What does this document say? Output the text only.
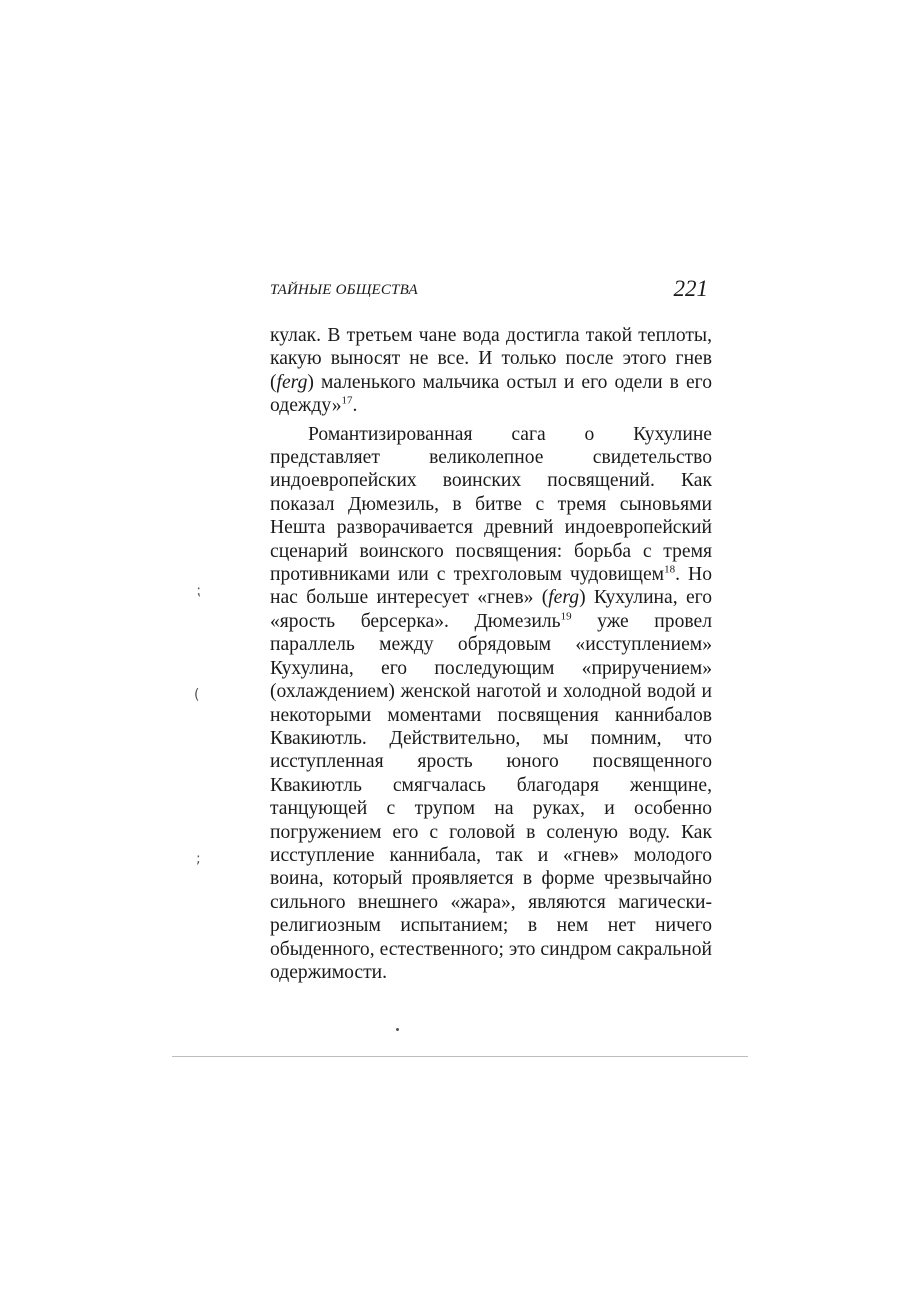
ТАЙНЫЕ ОБЩЕСТВА	221

кулак. В третьем чане вода достигла такой теплоты, какую выносят не все. И только после этого гнев (ferg) маленького мальчика остыл и его одели в его одежду»$^{17}$.

Романтизированная сага о Кухулине представляет великолепное свидетельство индоевропейских воинских посвящений. Как показал Дюмезиль, в битве с тремя сыновьями Нешта разворачивается древний индоевропейский сценарий воинского посвящения: борьба с тремя противниками или с трехголовым чудовищем$^{18}$. Но нас больше интересует «гнев» (ferg) Кухулина, его «ярость берсерка». Дюмезиль$^{19}$ уже провел параллель между обрядовым «исступлением» Кухулина, его последующим «приручением» (охлаждением) женской наготой и холодной водой и некоторыми моментами посвящения каннибалов Квакиютль. Действительно, мы помним, что исступленная ярость юного посвященного Квакиютль смягчалась благодаря женщине, танцующей с трупом на руках, и особенно погружением его с головой в соленую воду. Как исступление каннибала, так и «гнев» молодого воина, который проявляется в форме чрезвычайно сильного внешнего «жара», являются магически-религиозным испытанием; в нем нет ничего обыденного, естественного; это синдром сакральной одержимости.

⁏
(
;
